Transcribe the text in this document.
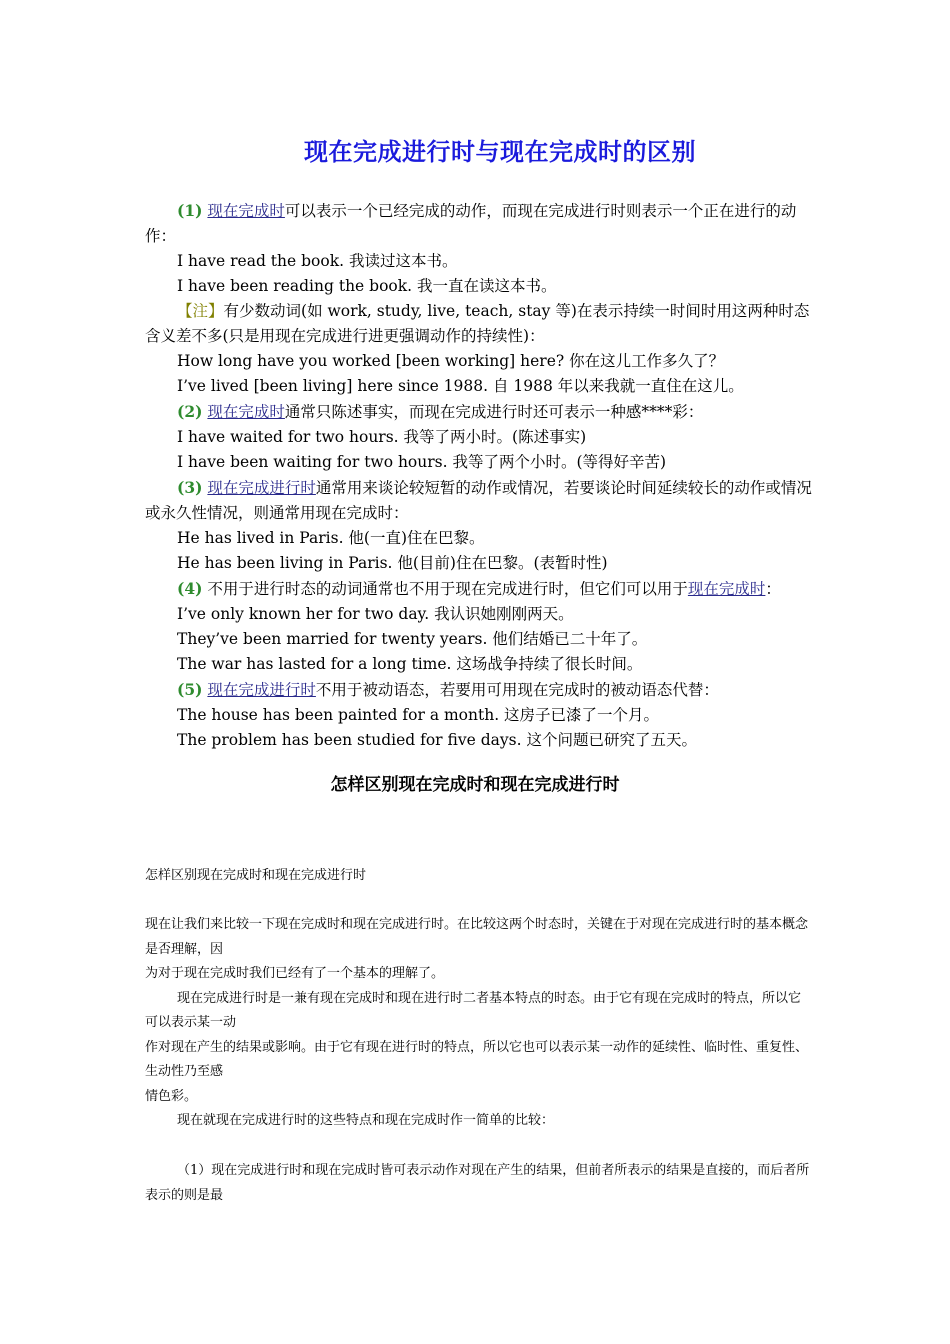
现在完成进行时与现在完成时的区别

(1) 现在完成时可以表示一个已经完成的动作，而现在完成进行时则表示一个正在进行的动作：

I have read the book. 我读过这本书。

I have been reading the book. 我一直在读这本书。

【注】有少数动词(如 work, study, live, teach, stay 等)在表示持续一时间时用这两种时态含义差不多(只是用现在完成进行进更强调动作的持续性)：

How long have you worked [been working] here? 你在这儿工作多久了？

I’ve lived [been living] here since 1988. 自 1988 年以来我就一直住在这儿。

(2) 现在完成时通常只陈述事实，而现在完成进行时还可表示一种感****彩：

I have waited for two hours. 我等了两小时。(陈述事实)

I have been waiting for two hours. 我等了两个小时。(等得好辛苦)

(3) 现在完成进行时通常用来谈论较短暂的动作或情况，若要谈论时间延续较长的动作或情况或永久性情况，则通常用现在完成时：

He has lived in Paris. 他(一直)住在巴黎。

He has been living in Paris. 他(目前)住在巴黎。(表暂时性)

(4) 不用于进行时态的动词通常也不用于现在完成进行时，但它们可以用于现在完成时：

I’ve only known her for two day. 我认识她刚刚两天。

They’ve been married for twenty years. 他们结婚已二十年了。

The war has lasted for a long time. 这场战争持续了很长时间。

(5) 现在完成进行时不用于被动语态，若要用可用现在完成时的被动语态代替：

The house has been painted for a month. 这房子已漆了一个月。

The problem has been studied for five days. 这个问题已研究了五天。

怎样区别现在完成时和现在完成进行时

怎样区别现在完成时和现在完成进行时

现在让我们来比较一下现在完成时和现在完成进行时。在比较这两个时态时，关键在于对现在完成进行时的基本概念是否理解，因

为对于现在完成时我们已经有了一个基本的理解了。

现在完成进行时是一兼有现在完成时和现在进行时二者基本特点的时态。由于它有现在完成时的特点，所以它可以表示某一动

作对现在产生的结果或影响。由于它有现在进行时的特点，所以它也可以表示某一动作的延续性、临时性、重复性、生动性乃至感

情色彩。

现在就现在完成进行时的这些特点和现在完成时作一简单的比较：

（1）现在完成进行时和现在完成时皆可表示动作对现在产生的结果，但前者所表示的结果是直接的，而后者所表示的则是最
